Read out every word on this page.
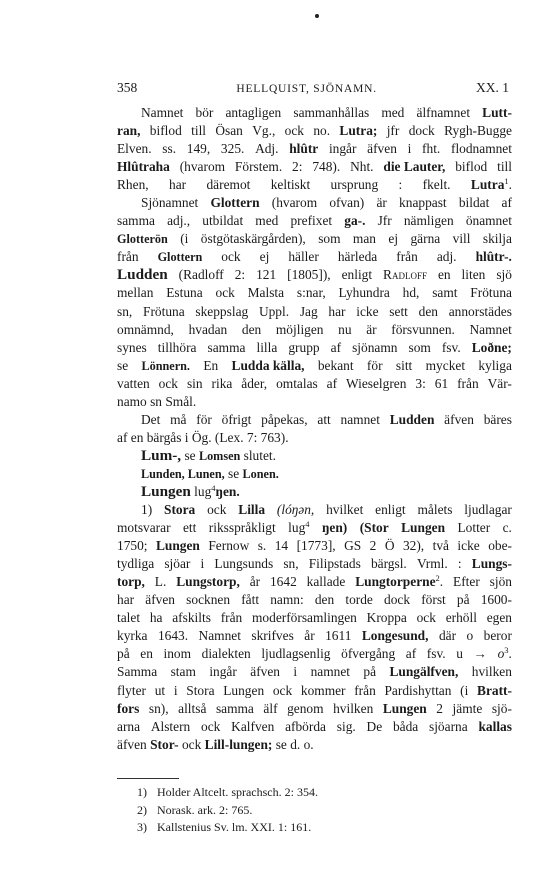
358	HELLQUIST, SJÖNAMN.	XX. 1
Namnet bör antagligen sammanhållas med älfnamnet Lutt-
ran, biflod till Ösan Vg., ock no. Lutra; jfr dock Rygh-Bugge
Elven. ss. 149, 325. Adj. hlûtr ingår äfven i fht. flodnamnet
Hlûtraha (hvarom Förstem. 2: 748). Nht. die Lauter, biflod till
Rhen, har däremot keltiskt ursprung : fkelt. Lutra$^1$.
Sjönamnet Glottern (hvarom ofvan) är knappast bildat af
samma adj., utbildat med prefixet ga-. Jfr nämligen önamnet
Glotterön (i östgötaskärgården), som man ej gärna vill skilja
från Glottern ock ej häller härleda från adj. hlûtr-.
Ludden (Radloff 2: 121 [1805]), enligt Radloff en liten sjö
mellan Estuna ock Malsta s:nar, Lyhundra hd, samt Frötuna
sn, Frötuna skeppslag Uppl. Jag har icke sett den annorstädes
omnämnd, hvadan den möjligen nu är försvunnen. Namnet
synes tillhöra samma lilla grupp af sjönamn som fsv. Loðne;
se Lönnern. En Ludda källa, bekant för sitt mycket kyliga
vatten ock sin rika åder, omtalas af Wieselgren 3: 61 från Vär-
namo sn Smål.
Det må för öfrigt påpekas, att namnet Ludden äfven bäres
af en bärgås i Ög. (Lex. 7: 763).
Lum-, se Lomsen slutet.
Lunden, Lunen, se Lonen.
Lungen lug$^4$ŋen.
1) Stora ock Lilla (lóŋən, hvilket enligt målets ljudlagar
motsvarar ett riksspråkligt lug$^4$ ŋen) (Stor Lungen Lotter c.
1750; Lungen Fernow s. 14 [1773], GS 2 Ö 32), två icke obe-
tydliga sjöar i Lungsunds sn, Filipstads bärgsl. Vrml. : Lungs-
torp, L. Lungstorp, år 1642 kallade Lungtorperne$^2$. Efter sjön
har äfven socknen fått namn: den torde dock först på 1600-
talet ha afskilts från moderförsamlingen Kroppa ock erhöll egen
kyrka 1643. Namnet skrifves år 1611 Longesund, där o beror
på en inom dialekten ljudlagsenlig öfvergång af fsv. $u \to o^3$.
Samma stam ingår äfven i namnet på Lungälfven, hvilken
flyter ut i Stora Lungen ock kommer från Pardishyttan (i Bratt-
fors sn), alltså samma älf genom hvilken Lungen 2 jämte sjö-
arna Alstern ock Kalfven afbörda sig. De båda sjöarna kallas
äfven Stor- ock Lill-lungen; se d. o.
1) Holder Altcelt. sprachsch. 2: 354.
2) Norask. ark. 2: 765.
3) Kallstenius Sv. lm. XXI. 1: 161.
